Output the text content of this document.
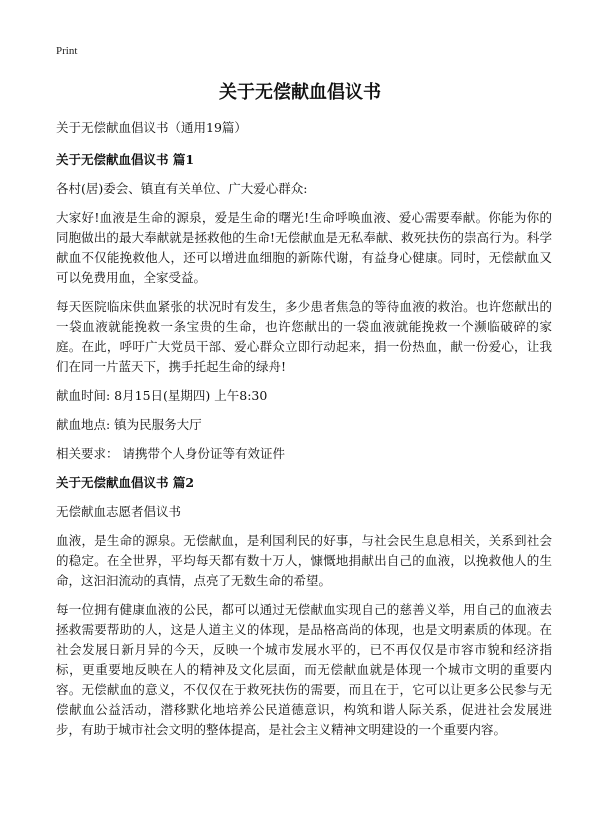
Print
关于无偿献血倡议书

关于无偿献血倡议书（通用19篇）

关于无偿献血倡议书 篇1

各村(居)委会、镇直有关单位、广大爱心群众:

大家好!血液是生命的源泉，爱是生命的曙光!生命呼唤血液、爱心需要奉献。你能为你的同胞做出的最大奉献就是拯救他的生命!无偿献血是无私奉献、救死扶伤的崇高行为。科学献血不仅能挽救他人，还可以增进血细胞的新陈代谢，有益身心健康。同时，无偿献血又可以免费用血，全家受益。

每天医院临床供血紧张的状况时有发生，多少患者焦急的等待血液的救治。也许您献出的一袋血液就能挽救一条宝贵的生命，也许您献出的一袋血液就能挽救一个濒临破碎的家庭。在此，呼吁广大党员干部、爱心群众立即行动起来，捐一份热血，献一份爱心，让我们在同一片蓝天下，携手托起生命的绿舟!

献血时间: 8月15日(星期四) 上午8:30

献血地点: 镇为民服务大厅

相关要求： 请携带个人身份证等有效证件

关于无偿献血倡议书 篇2

无偿献血志愿者倡议书

血液，是生命的源泉。无偿献血，是利国利民的好事，与社会民生息息相关，关系到社会的稳定。在全世界，平均每天都有数十万人，慷慨地捐献出自己的血液，以挽救他人的生命，这汩汩流动的真情，点亮了无数生命的希望。

每一位拥有健康血液的公民，都可以通过无偿献血实现自己的慈善义举，用自己的血液去拯救需要帮助的人，这是人道主义的体现，是品格高尚的体现，也是文明素质的体现。在社会发展日新月异的今天，反映一个城市发展水平的，已不再仅仅是市容市貌和经济指标，更重要地反映在人的精神及文化层面，而无偿献血就是体现一个城市文明的重要内容。无偿献血的意义，不仅仅在于救死扶伤的需要，而且在于，它可以让更多公民参与无偿献血公益活动，潜移默化地培养公民道德意识，构筑和谐人际关系，促进社会发展进步，有助于城市社会文明的整体提高，是社会主义精神文明建设的一个重要内容。
